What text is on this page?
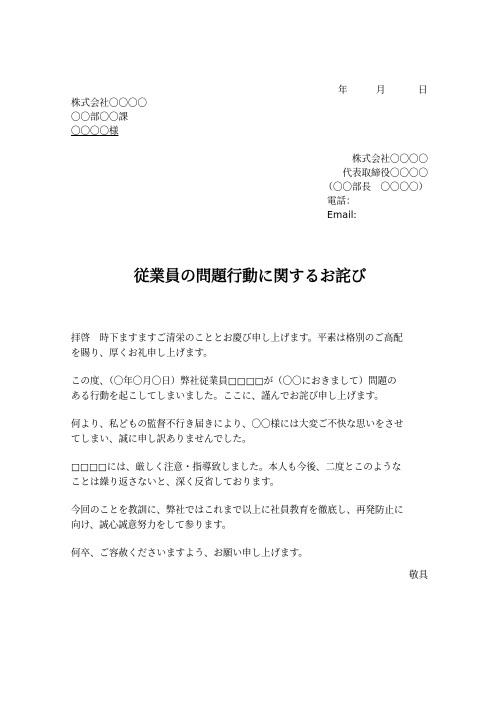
年	月	日
株式会社〇〇〇〇
〇〇部〇〇課
〇〇〇〇様
株式会社〇〇〇〇
代表取締役〇〇〇〇
（〇〇部長　〇〇〇〇）
電話：
Email:
従業員の問題行動に関するお詫び

拝啓　時下ますますご清栄のこととお慶び申し上げます。平素は格別のご高配
を賜り、厚くお礼申し上げます。

この度、（〇年〇月〇日）弊社従業員□□□□が（〇〇におきまして）問題の
ある行動を起こしてしまいました。ここに、謹んでお詫び申し上げます。

何より、私どもの監督不行き届きにより、〇〇様には大変ご不快な思いをさせ
てしまい、誠に申し訳ありませんでした。

□□□□には、厳しく注意・指導致しました。本人も今後、二度とこのような
ことは繰り返さないと、深く反省しております。

今回のことを教訓に、弊社ではこれまで以上に社員教育を徹底し、再発防止に
向け、誠心誠意努力をして参ります。

何卒、ご容赦くださいますよう、お願い申し上げます。

敬具
